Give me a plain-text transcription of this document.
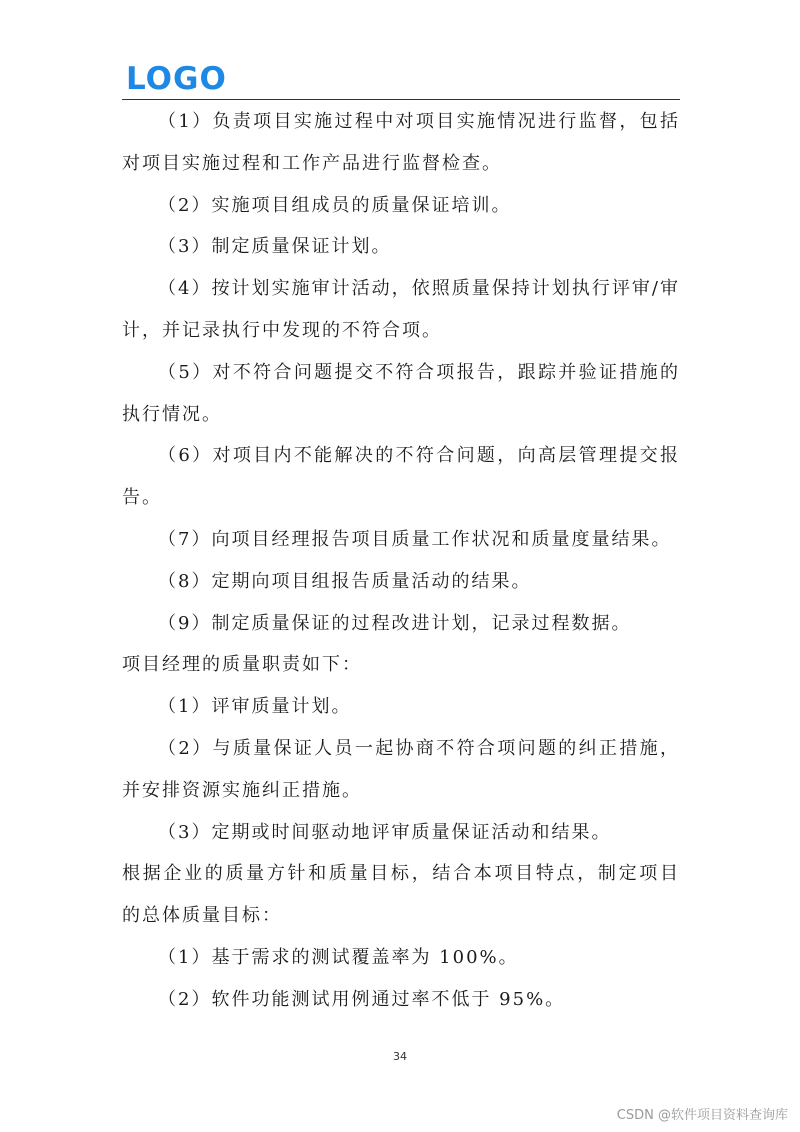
LOGO

（1）负责项目实施过程中对项目实施情况进行监督，包括对项目实施过程和工作产品进行监督检查。

（2）实施项目组成员的质量保证培训。

（3）制定质量保证计划。

（4）按计划实施审计活动，依照质量保持计划执行评审/审计，并记录执行中发现的不符合项。

（5）对不符合问题提交不符合项报告，跟踪并验证措施的执行情况。

（6）对项目内不能解决的不符合问题，向高层管理提交报告。

（7）向项目经理报告项目质量工作状况和质量度量结果。

（8）定期向项目组报告质量活动的结果。

（9）制定质量保证的过程改进计划，记录过程数据。

项目经理的质量职责如下：

（1）评审质量计划。

（2）与质量保证人员一起协商不符合项问题的纠正措施，并安排资源实施纠正措施。

（3）定期或时间驱动地评审质量保证活动和结果。

根据企业的质量方针和质量目标，结合本项目特点，制定项目的总体质量目标：

（1）基于需求的测试覆盖率为 100%。

（2）软件功能测试用例通过率不低于 95%。

34
CSDN @软件项目资料查询库
